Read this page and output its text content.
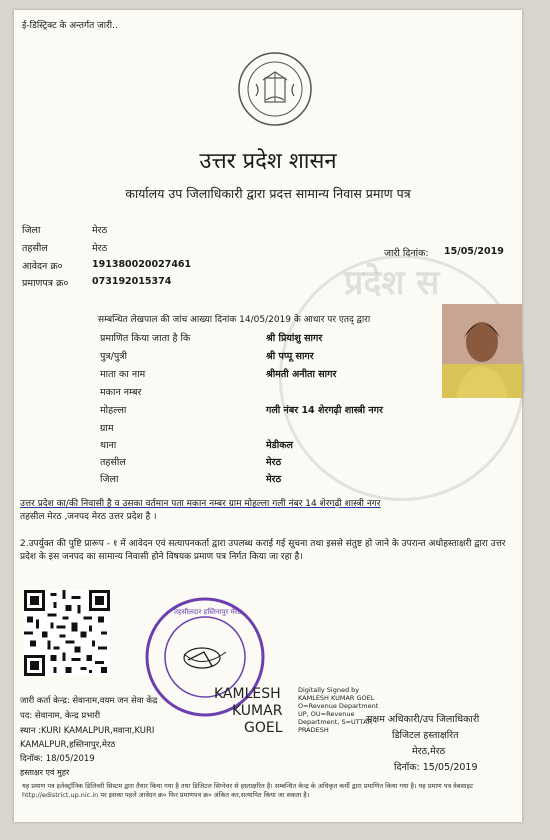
ई-डिस्ट्रिक्ट के अन्तर्गत जारी..
उत्तर प्रदेश शासन
कार्यालय उप जिलाधिकारी द्वारा प्रदत्त सामान्य निवास प्रमाण पत्र
प्रदेश स
जिला	मेरठ
तहसील	मेरठ
आवेदन क्र०	191380020027461
प्रमाणपत्र क्र० 073192015374
जारी दिनांक: 15/05/2019
सम्बन्धित लेखपाल की जांच आख्या दिनांक 14/05/2019 के आधार पर एतद् द्वारा
प्रमाणित किया जाता है कि	श्री प्रियांशु सागर
पुत्र/पुत्री	श्री पप्पू सागर
माता का नाम	श्रीमती अनीता सागर
मकान नम्बर
मोहल्ला	गली नंबर 14 शेरगढ़ी शास्त्री नगर
ग्राम
थाना	मेडीकल
तहसील	मेरठ
जिला	मेरठ
उत्तर प्रदेश का/की निवासी है व उसका वर्तमान पता मकान नम्बर ग्राम मोहल्ला गली नंबर 14 शेरगढ़ी शास्त्री नगर
तहसील मेरठ ,जनपद मेरठ उत्तर प्रदेश है ।
2.उपर्युक्त की पुष्टि प्रारूप - १ में आवेदन एवं सत्यापनकर्ता द्वारा उपलब्ध कराई गई सूचना तथा इससे संतुष्ट हो जाने के उपरान्त अधोहस्ताक्षरी द्वारा उत्तर प्रदेश के इस जनपद का सामान्य निवासी होने विषयक प्रमाण पत्र निर्गत किया जा रहा है।
तहसीलदार हस्तिनापुर मेरठ
जारी कर्ता केन्द्र: सेवानाम,वयम जन सेवा केंद्र
पद: सेवानाम, केन्द्र प्रभारी
स्थान :KURI KAMALPUR,मवाना,KURI
KAMALPUR,हस्तिनापुर,मेरठ
दिनॉक: 18/05/2019
हस्ताक्षर एवं मुहर
KAMLESH
KUMAR
GOEL
Digitally Signed by KAMLESH KUMAR GOEL O=Revenue Department UP, OU=Revenue Department, S=UTTAR PRADESH
सक्षम अधिकारी/उप जिलाधिकारी
डिजिटल हस्ताक्षरित
मेरठ,मेरठ
दिनॉक: 15/05/2019
यह प्रमाण पत्र इलेक्ट्रॉनिक डिलिवरी सिस्टम द्वारा तैयार किया गया है तथा डिजिटल सिग्नेचर से हस्ताक्षरित है। सम्बन्धित केन्द्र के अधिकृत कर्मी द्वारा प्रमाणित किया गया है। यह प्रमाण पत्र वेबसाइट http://edistrict.up.nic.in पर इसका पहले आवेदन क्र० फिर प्रमाणपत्र क्र० अंकित कर,सत्यापित किया जा सकता है।
